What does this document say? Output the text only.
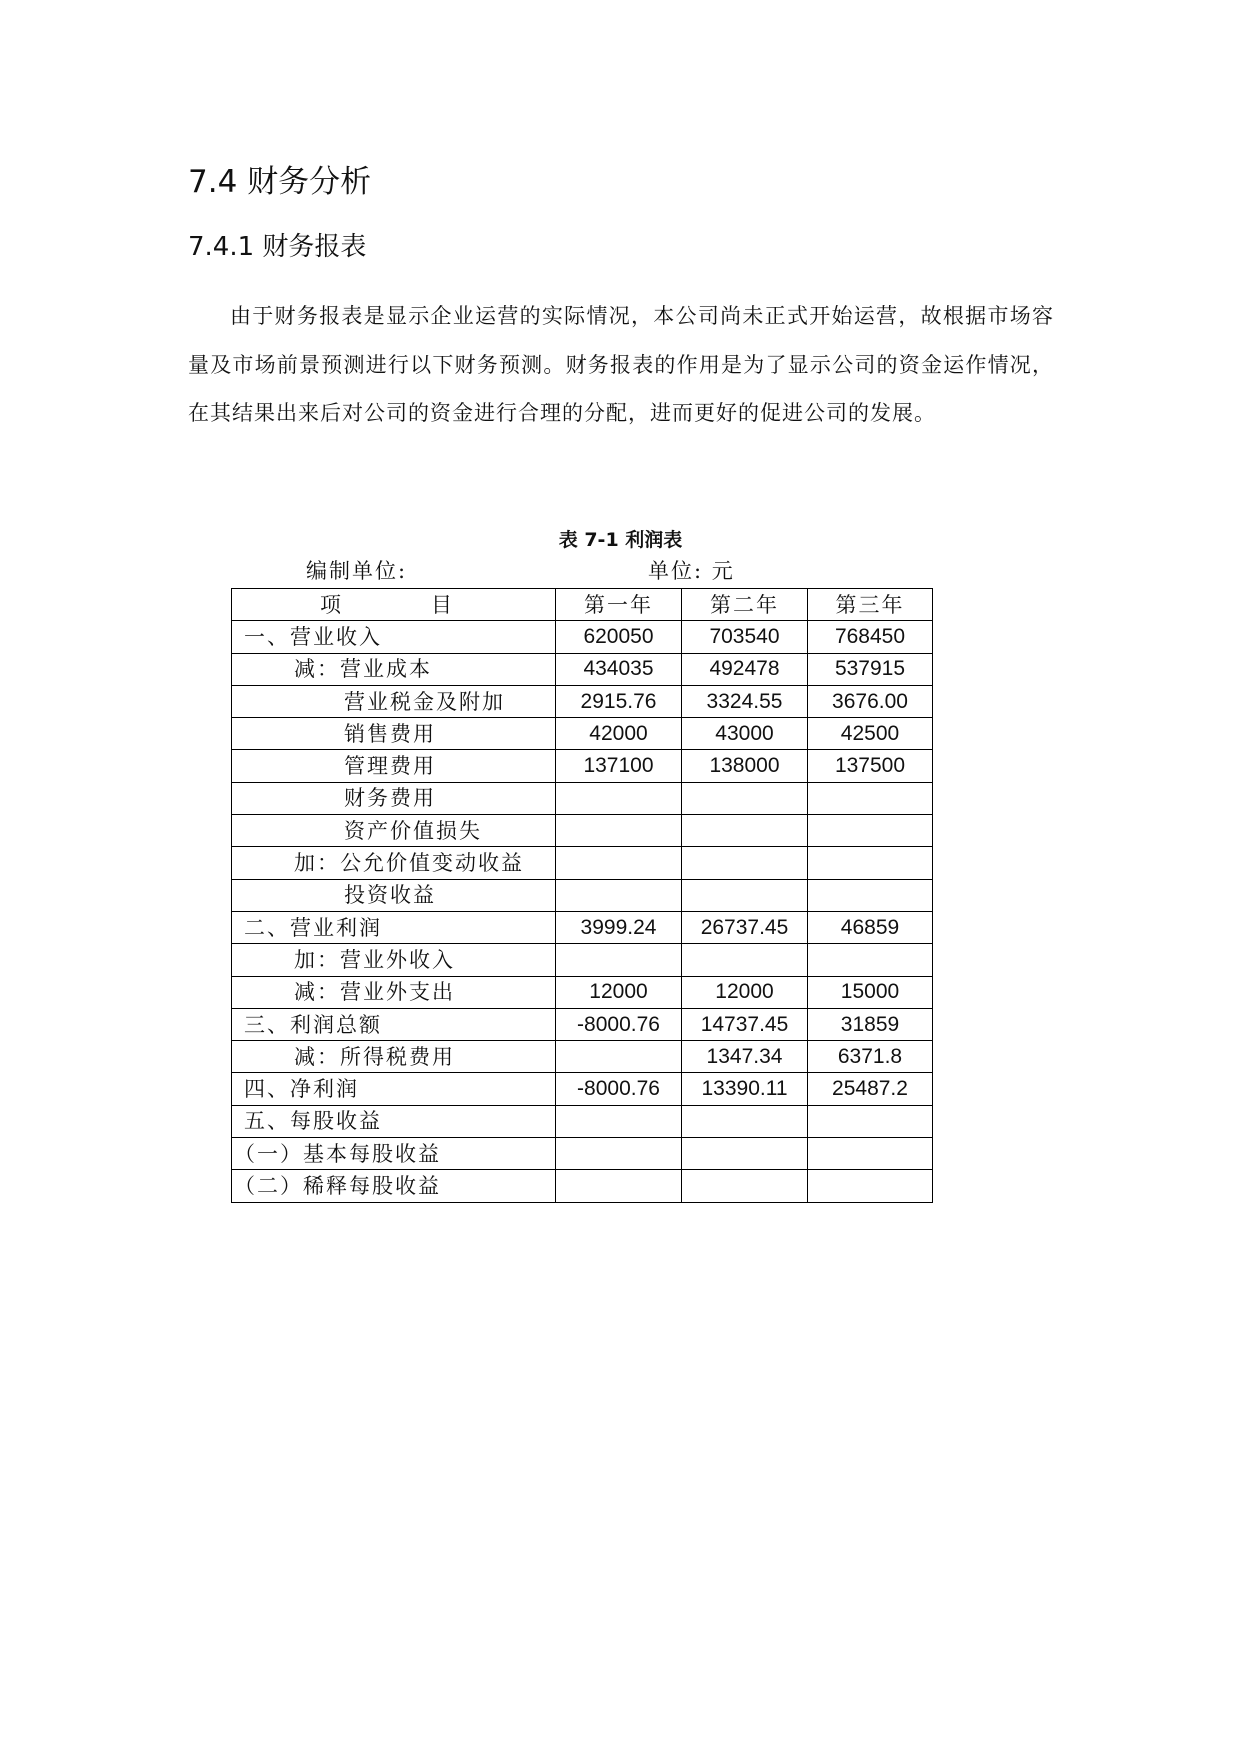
7.4 财务分析
7.4.1 财务报表

由于财务报表是显示企业运营的实际情况，本公司尚未正式开始运营，故根据市场容量及市场前景预测进行以下财务预测。财务报表的作用是为了显示公司的资金运作情况，在其结果出来后对公司的资金进行合理的分配，进而更好的促进公司的发展。

表 7-1 利润表
编制单位:	单位: 元
项 目	第一年	第二年	第三年
一、营业收入	620050	703540	768450
减：营业成本	434035	492478	537915
营业税金及附加	2915.76	3324.55	3676.00
销售费用	42000	43000	42500
管理费用	137100	138000	137500
财务费用			
资产价值损失			
加：公允价值变动收益			
投资收益			
二、营业利润	3999.24	26737.45	46859
加：营业外收入			
减：营业外支出	12000	12000	15000
三、利润总额	-8000.76	14737.45	31859
减：所得税费用		1347.34	6371.8
四、净利润	-8000.76	13390.11	25487.2
五、每股收益			
（一）基本每股收益			
（二）稀释每股收益			
